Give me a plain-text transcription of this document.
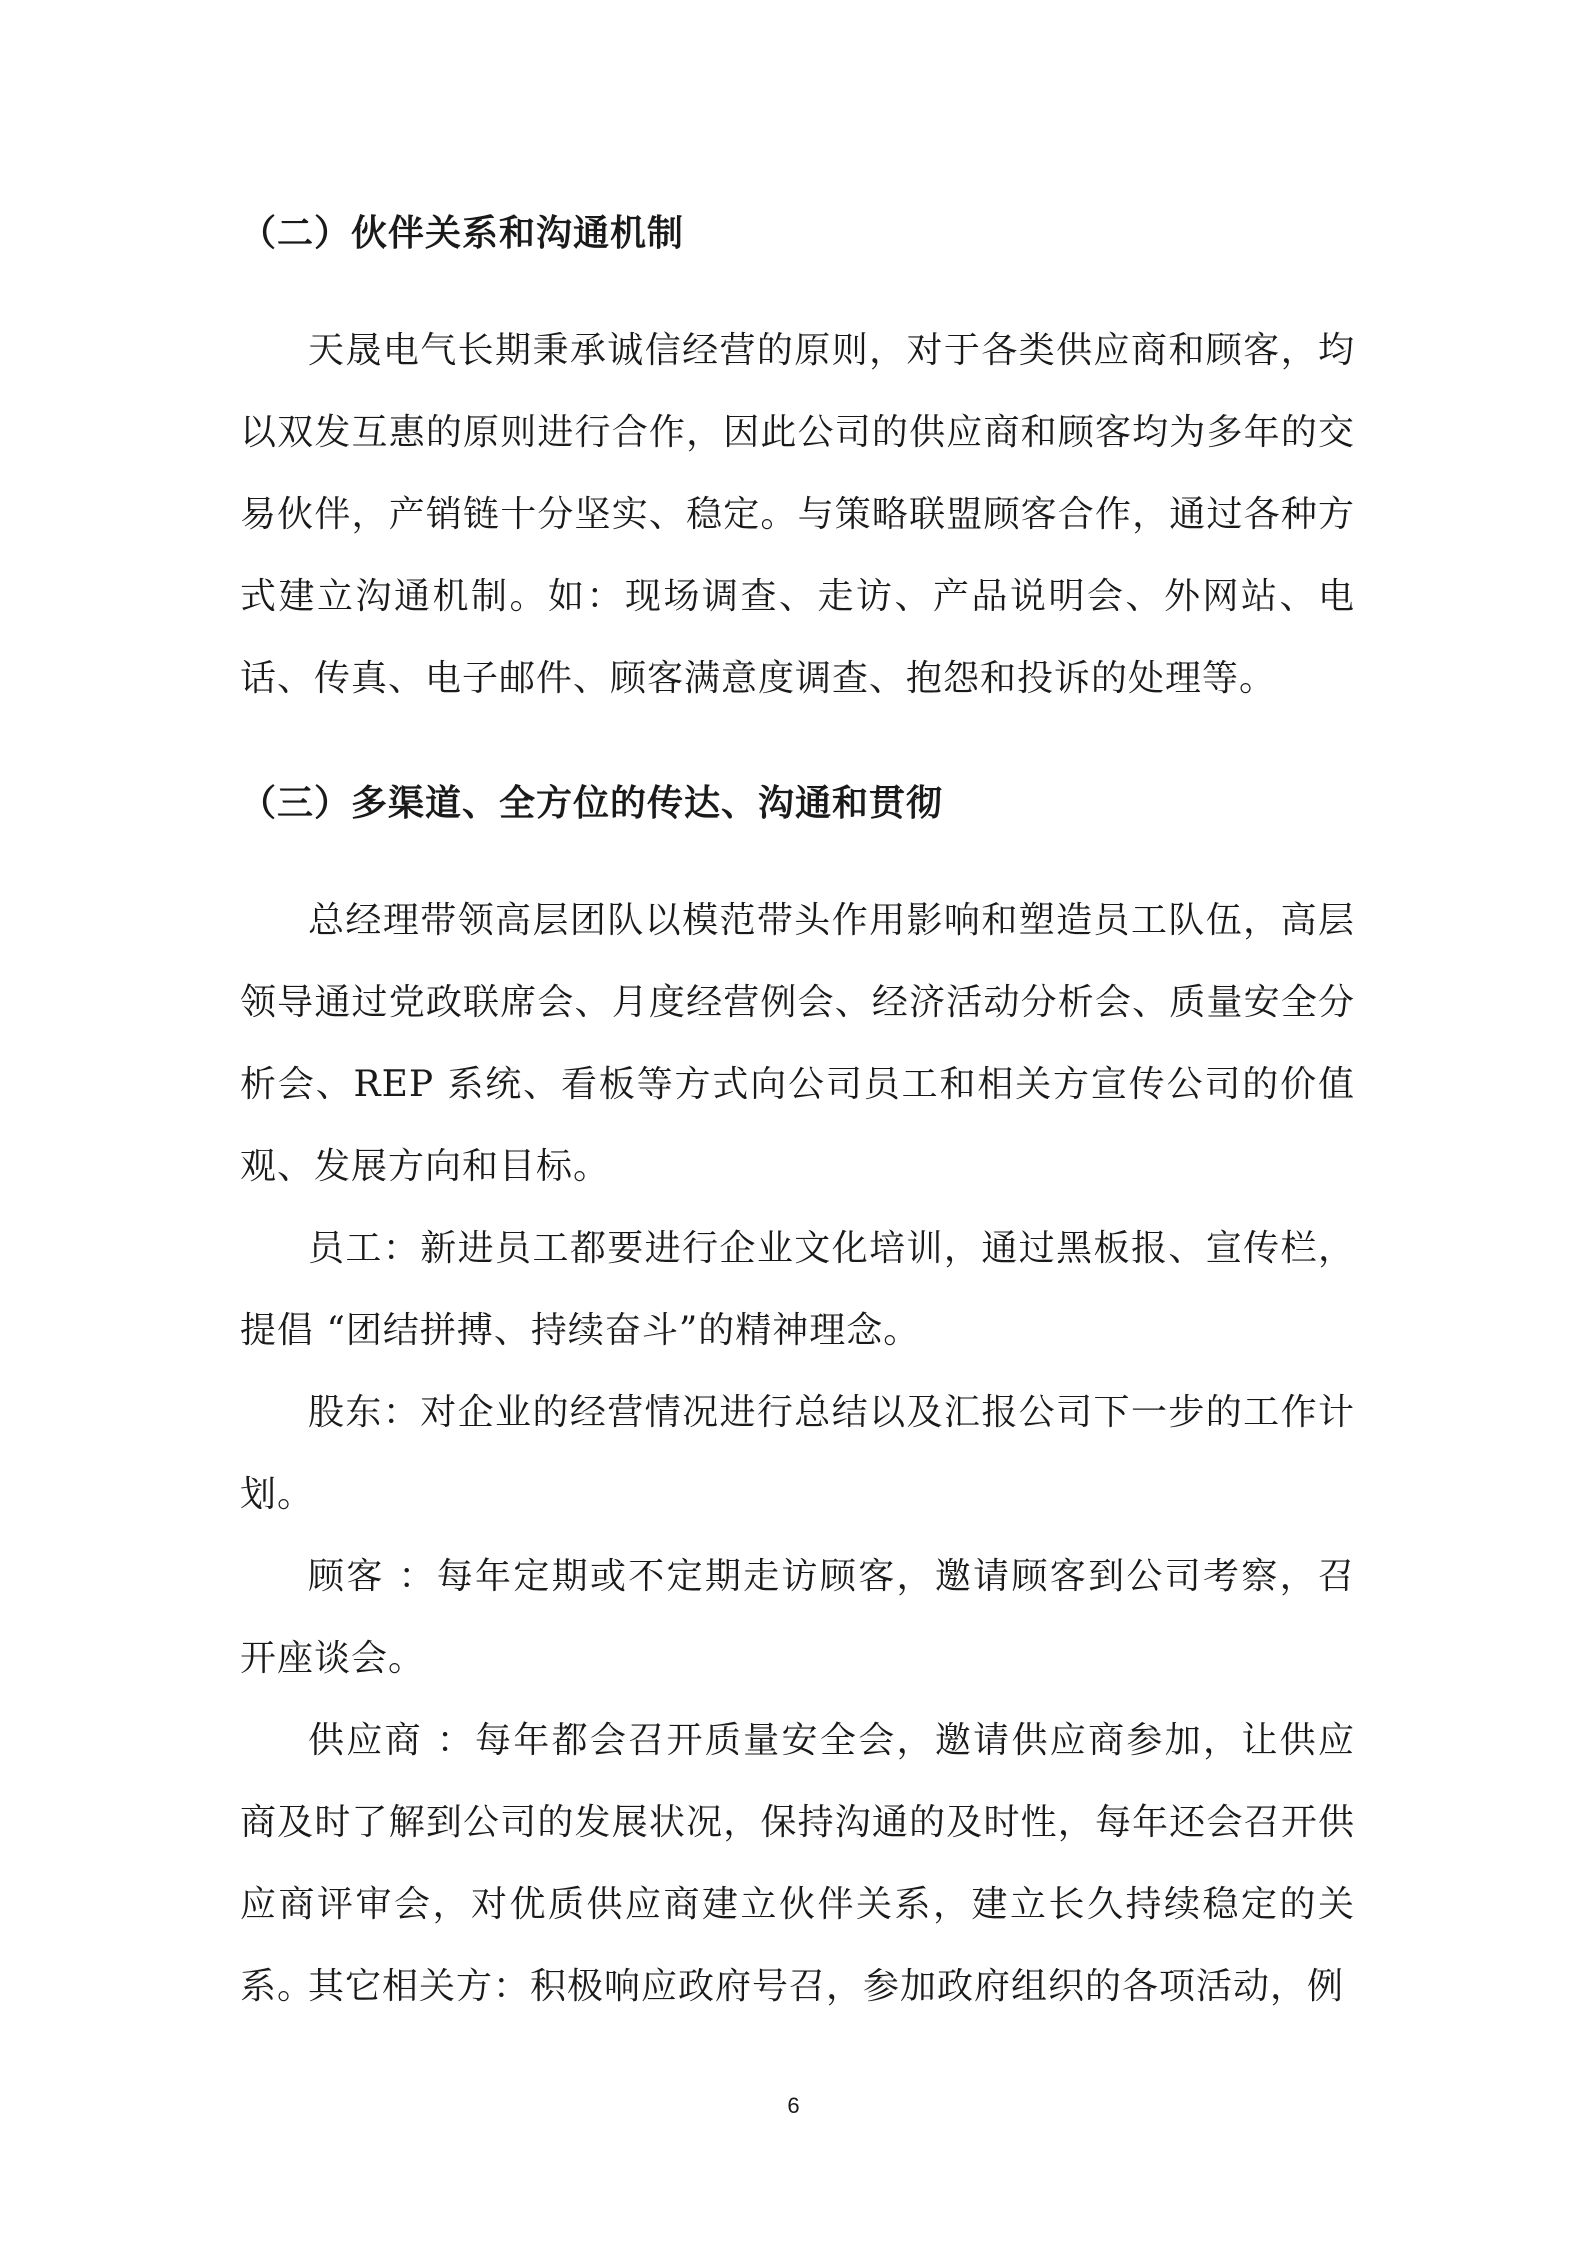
（二）伙伴关系和沟通机制

天晟电气长期秉承诚信经营的原则，对于各类供应商和顾客，均以双发互惠的原则进行合作，因此公司的供应商和顾客均为多年的交易伙伴，产销链十分坚实、稳定。与策略联盟顾客合作，通过各种方式建立沟通机制。如：现场调查、走访、产品说明会、外网站、电话、传真、电子邮件、顾客满意度调查、抱怨和投诉的处理等。

（三）多渠道、全方位的传达、沟通和贯彻

总经理带领高层团队以模范带头作用影响和塑造员工队伍，高层领导通过党政联席会、月度经营例会、经济活动分析会、质量安全分析会、REP 系统、看板等方式向公司员工和相关方宣传公司的价值观、发展方向和目标。

员工：新进员工都要进行企业文化培训，通过黑板报、宣传栏，提倡 “团结拼搏、持续奋斗”的精神理念。

股东：对企业的经营情况进行总结以及汇报公司下一步的工作计划。

顾客 ：每年定期或不定期走访顾客，邀请顾客到公司考察，召开座谈会。

供应商 ：每年都会召开质量安全会，邀请供应商参加，让供应商及时了解到公司的发展状况，保持沟通的及时性，每年还会召开供应商评审会，对优质供应商建立伙伴关系，建立长久持续稳定的关系。

其它相关方：积极响应政府号召，参加政府组织的各项活动，例

6
